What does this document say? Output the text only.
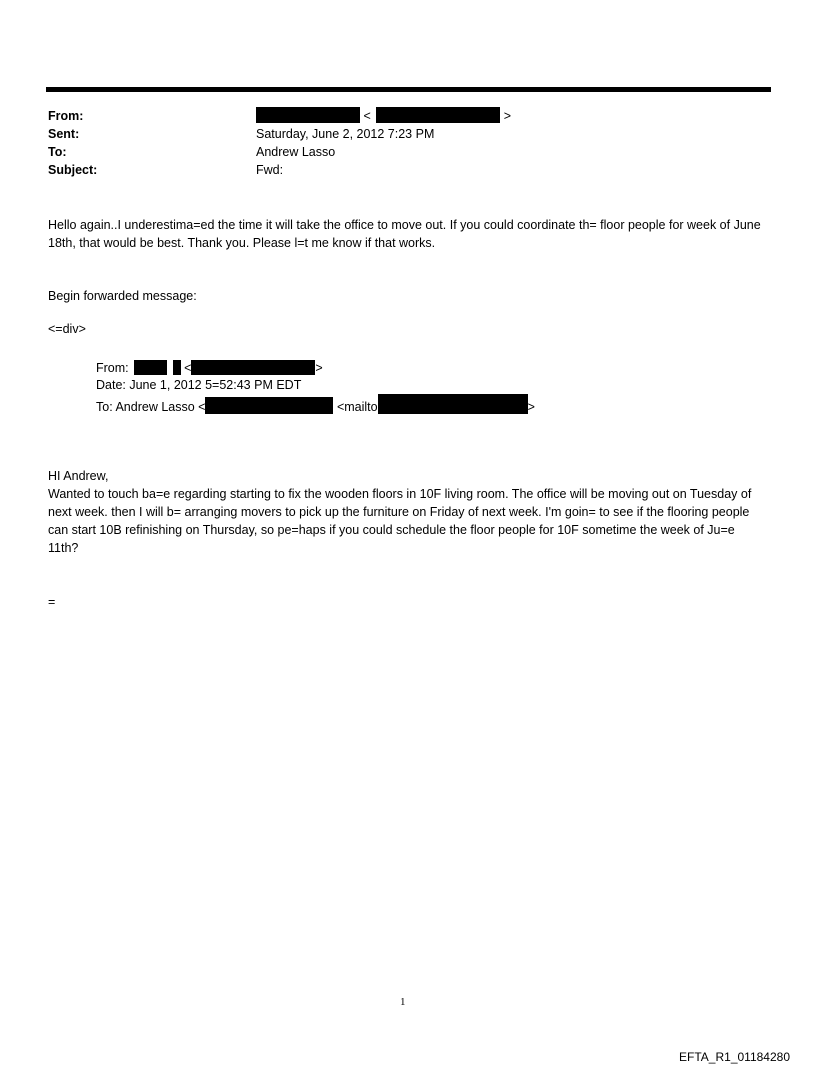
From:	<	>
Sent:	Saturday, June 2, 2012 7:23 PM
To:	Andrew Lasso
Subject:	Fwd:
Hello again..I underestima=ed the time it will take the office to move out. If you could coordinate th= floor people for week of June 18th, that would be best. Thank you. Please l=t me know if that works.
Begin forwarded message:
<=div>
From:	<	>
Date: June 1, 2012 5=52:43 PM EDT
To: Andrew Lasso <	<mailto	>
HI Andrew,
Wanted to touch ba=e regarding starting to fix the wooden floors in 10F living room. The office will be moving out on Tuesday of next week. then I will b= arranging movers to pick up the furniture on Friday of next week. I'm goin= to see if the flooring people can start 10B refinishing on Thursday, so pe=haps if you could schedule the floor people for 10F sometime the week of Ju=e 11th?
=
1
EFTA_R1_01184280
